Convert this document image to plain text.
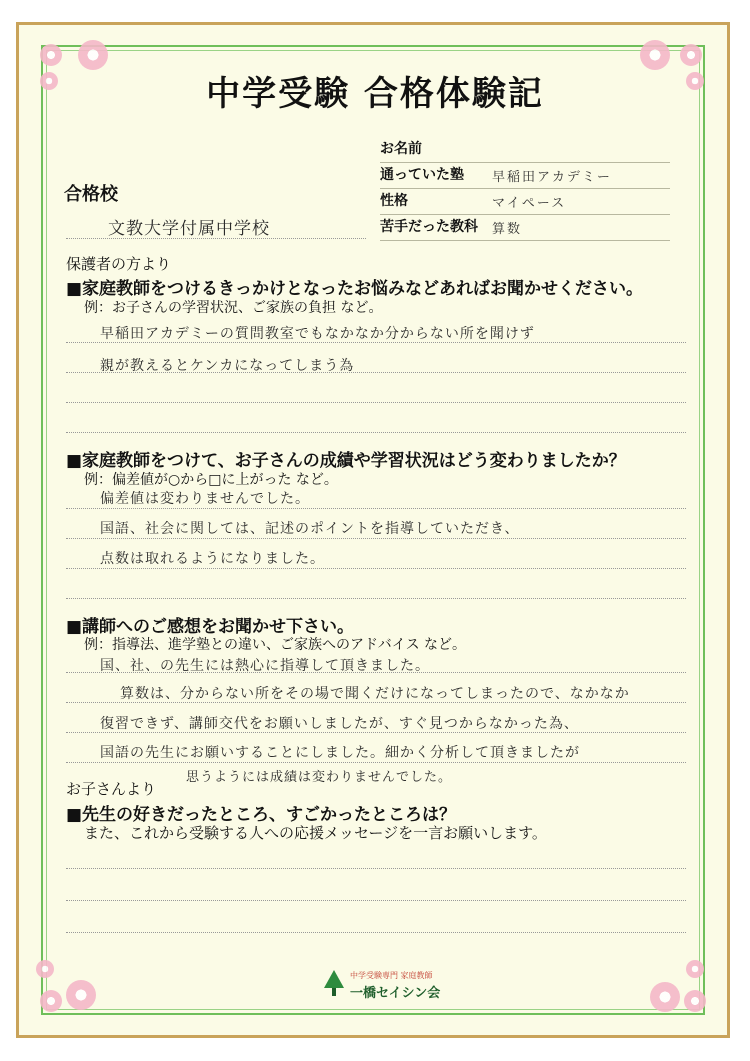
中学受験 合格体験記
お名前
通っていた塾 早稲田アカデミー
性格	マイペース
苦手だった教科 算数
合格校
文教大学付属中学校
保護者の方より
■家庭教師をつけるきっかけとなったお悩みなどあればお聞かせください。
例：お子さんの学習状況、ご家族の負担 など。
早稲田アカデミーの質問教室でもなかなか分からない所を聞けず
親が教えるとケンカになってしまう為
■家庭教師をつけて、お子さんの成績や学習状況はどう変わりましたか？
例：偏差値が○から□に上がった など。
偏差値は変わりませんでした。
国語、社会に関しては、記述のポイントを指導していただき、
点数は取れるようになりました。
■講師へのご感想をお聞かせ下さい。
例：指導法、進学塾との違い、ご家族へのアドバイス など。
国、社、の先生には熱心に指導して頂きました。
算数は、分からない所をその場で聞くだけになってしまったので、なかなか
復習できず、講師交代をお願いしましたが、すぐ見つからなかった為、
国語の先生にお願いすることにしました。細かく分析して頂きましたが
思うようには成績は変わりませんでした。
お子さんより
■先生の好きだったところ、すごかったところは？
また、これから受験する人への応援メッセージを一言お願いします。
中学受験専門 家庭教師
一橋セイシン会
